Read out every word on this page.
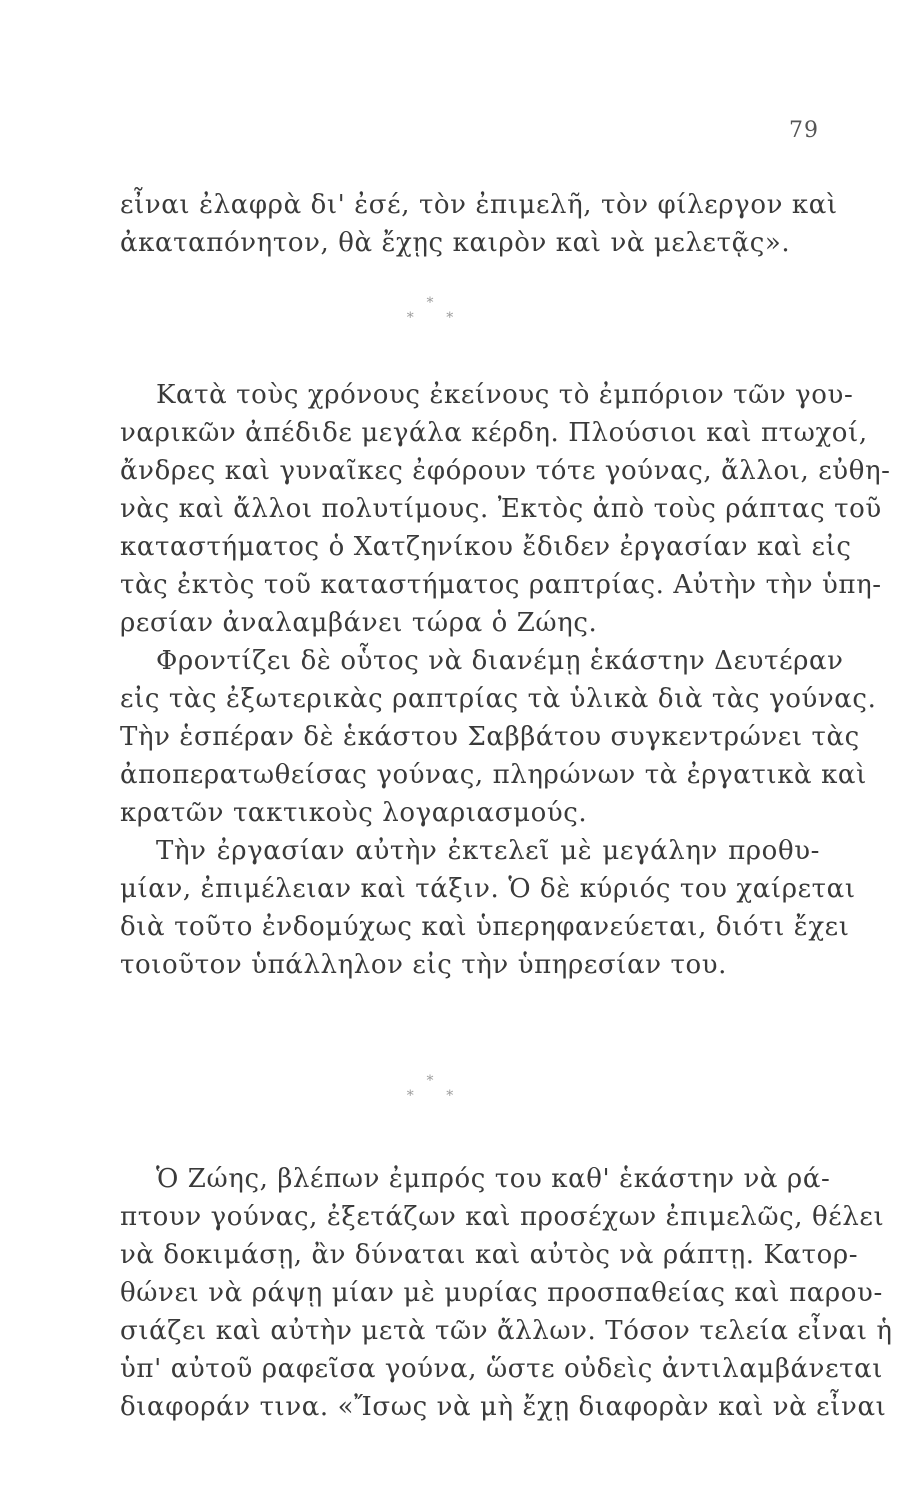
79
εἶναι ἐλαφρὰ δι' ἐσέ, τὸν ἐπιμελῆ, τὸν φίλεργον καὶ
ἀκαταπόνητον, θὰ ἔχῃς καιρὸν καὶ νὰ μελετᾷς».
*
* *
Κατὰ τοὺς χρόνους ἐκείνους τὸ ἐμπόριον τῶν γου-
ναρικῶν ἀπέδιδε μεγάλα κέρδη. Πλούσιοι καὶ πτωχοί,
ἄνδρες καὶ γυναῖκες ἐφόρουν τότε γούνας, ἄλλοι, εὐθη-
νὰς καὶ ἄλλοι πολυτίμους. Ἐκτὸς ἀπὸ τοὺς ράπτας τοῦ
καταστήματος ὁ Χατζηνίκου ἔδιδεν ἐργασίαν καὶ εἰς
τὰς ἐκτὸς τοῦ καταστήματος ραπτρίας. Αὐτὴν τὴν ὑπη-
ρεσίαν ἀναλαμβάνει τώρα ὁ Ζώης.
Φροντίζει δὲ οὗτος νὰ διανέμῃ ἑκάστην Δευτέραν
εἰς τὰς ἐξωτερικὰς ραπτρίας τὰ ὑλικὰ διὰ τὰς γούνας.
Τὴν ἑσπέραν δὲ ἑκάστου Σαββάτου συγκεντρώνει τὰς
ἀποπερατωθείσας γούνας, πληρώνων τὰ ἐργατικὰ καὶ
κρατῶν τακτικοὺς λογαριασμούς.
Τὴν ἐργασίαν αὐτὴν ἐκτελεῖ μὲ μεγάλην προθυ-
μίαν, ἐπιμέλειαν καὶ τάξιν. Ὁ δὲ κύριός του χαίρεται
διὰ τοῦτο ἐνδομύχως καὶ ὑπερηφανεύεται, διότι ἔχει
τοιοῦτον ὑπάλληλον εἰς τὴν ὑπηρεσίαν του.
*
* *
Ὁ Ζώης, βλέπων ἐμπρός του καθ' ἑκάστην νὰ ρά-
πτουν γούνας, ἐξετάζων καὶ προσέχων ἐπιμελῶς, θέλει
νὰ δοκιμάσῃ, ἂν δύναται καὶ αὐτὸς νὰ ράπτῃ. Κατορ-
θώνει νὰ ράψῃ μίαν μὲ μυρίας προσπαθείας καὶ παρου-
σιάζει καὶ αὐτὴν μετὰ τῶν ἄλλων. Τόσον τελεία εἶναι ἡ
ὑπ' αὐτοῦ ραφεῖσα γούνα, ὥστε οὐδεὶς ἀντιλαμβάνεται
διαφοράν τινα. «Ἴσως νὰ μὴ ἔχῃ διαφορὰν καὶ νὰ εἶναι
